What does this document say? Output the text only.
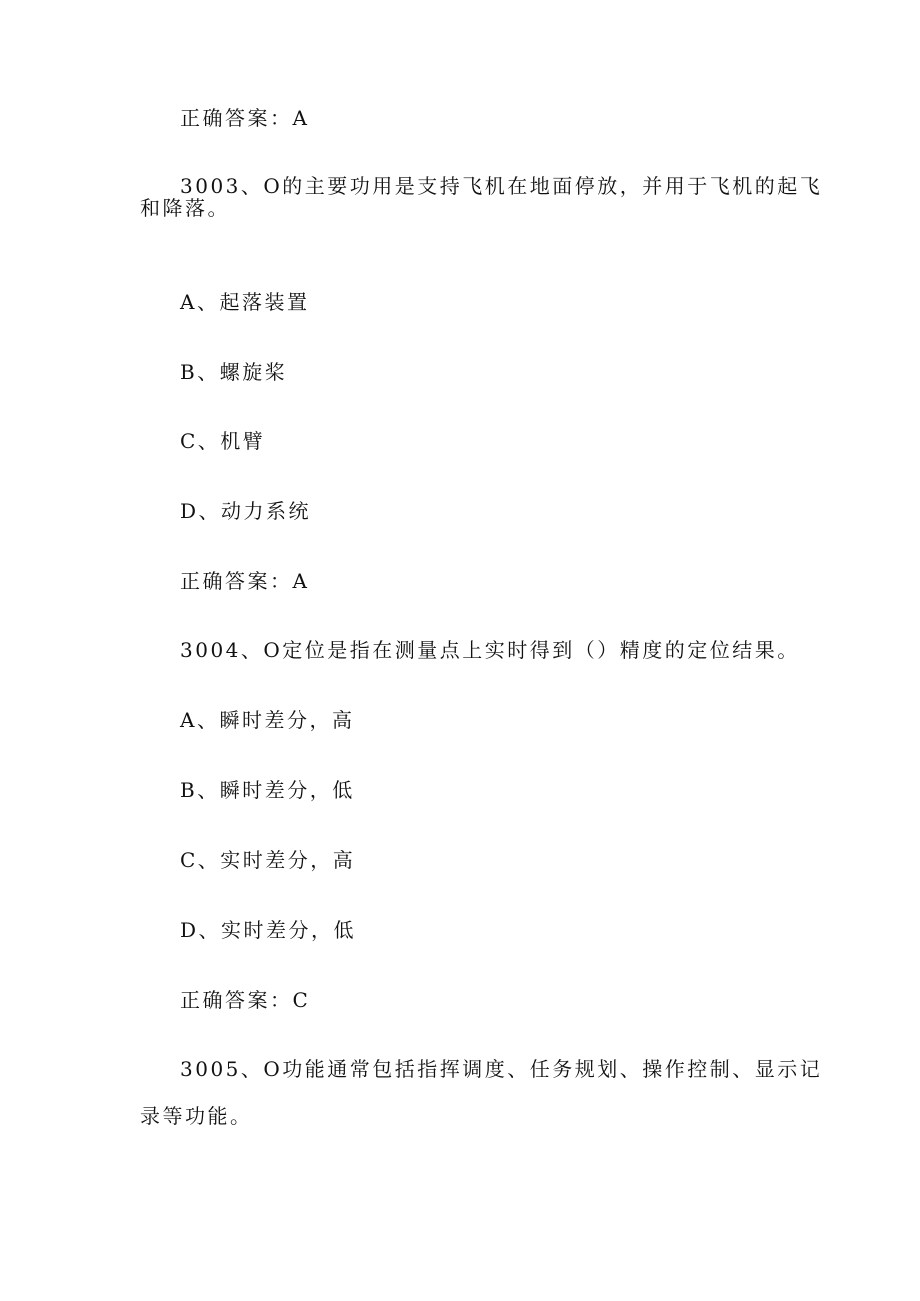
正确答案：A
3003、O的主要功用是支持飞机在地面停放，并用于飞机的起飞
和降落。
A、起落装置
B、螺旋桨
C、机臂
D、动力系统
正确答案：A
3004、O定位是指在测量点上实时得到（）精度的定位结果。
A、瞬时差分，高
B、瞬时差分，低
C、实时差分，高
D、实时差分，低
正确答案：C
3005、O功能通常包括指挥调度、任务规划、操作控制、显示记
录等功能。
